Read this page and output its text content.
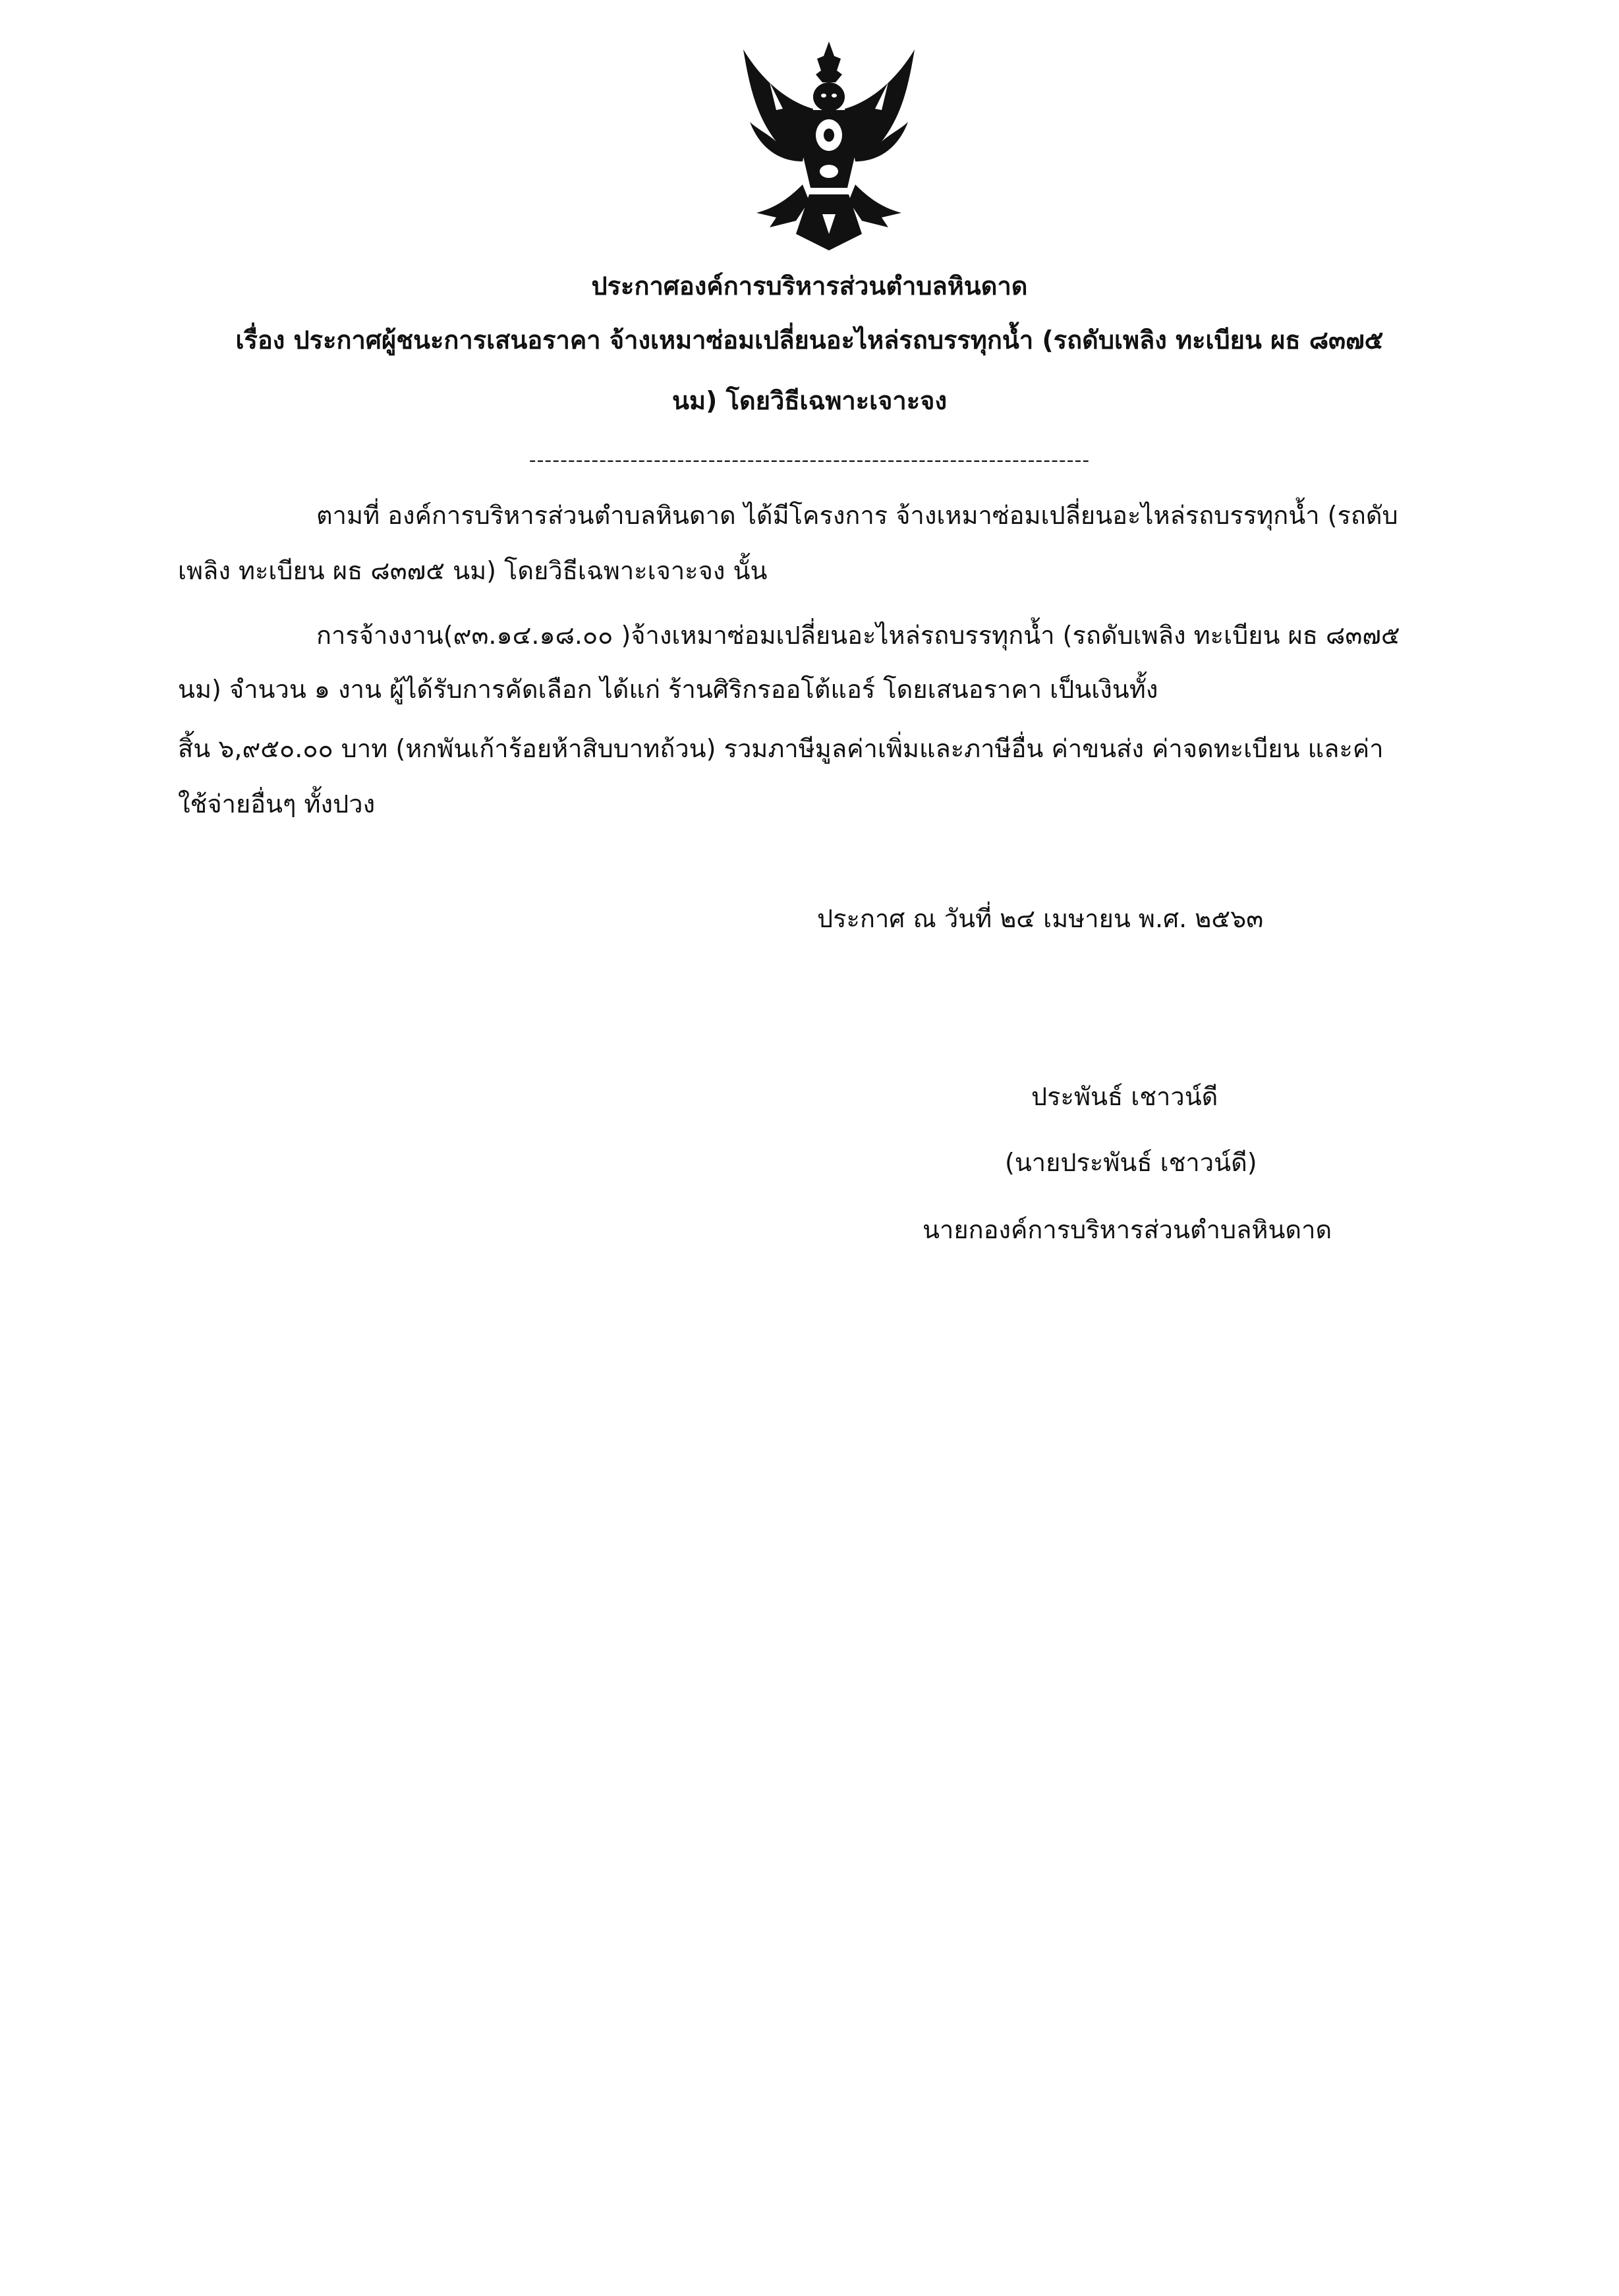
ประกาศองค์การบริหารส่วนตำบลหินดาด
เรื่อง ประกาศผู้ชนะการเสนอราคา จ้างเหมาซ่อมเปลี่ยนอะไหล่รถบรรทุกน้ำ (รถดับเพลิง ทะเบียน ผธ ๘๓๗๕
นม) โดยวิธีเฉพาะเจาะจง
------------------------------------------------------------------------
ตามที่ องค์การบริหารส่วนตำบลหินดาด ได้มีโครงการ จ้างเหมาซ่อมเปลี่ยนอะไหล่รถบรรทุกน้ำ (รถดับ
เพลิง ทะเบียน ผธ ๘๓๗๕ นม) โดยวิธีเฉพาะเจาะจง นั้น
การจ้างงาน(๙๓.๑๔.๑๘.๐๐ )จ้างเหมาซ่อมเปลี่ยนอะไหล่รถบรรทุกน้ำ (รถดับเพลิง ทะเบียน ผธ ๘๓๗๕
นม) จำนวน ๑ งาน ผู้ได้รับการคัดเลือก ได้แก่ ร้านศิริกรออโต้แอร์ โดยเสนอราคา เป็นเงินทั้ง
สิ้น ๖,๙๕๐.๐๐ บาท (หกพันเก้าร้อยห้าสิบบาทถ้วน) รวมภาษีมูลค่าเพิ่มและภาษีอื่น ค่าขนส่ง ค่าจดทะเบียน และค่า
ใช้จ่ายอื่นๆ ทั้งปวง
ประกาศ ณ วันที่ ๒๔ เมษายน พ.ศ. ๒๕๖๓
ประพันธ์ เชาวน์ดี
(นายประพันธ์ เชาวน์ดี)
นายกองค์การบริหารส่วนตำบลหินดาด
